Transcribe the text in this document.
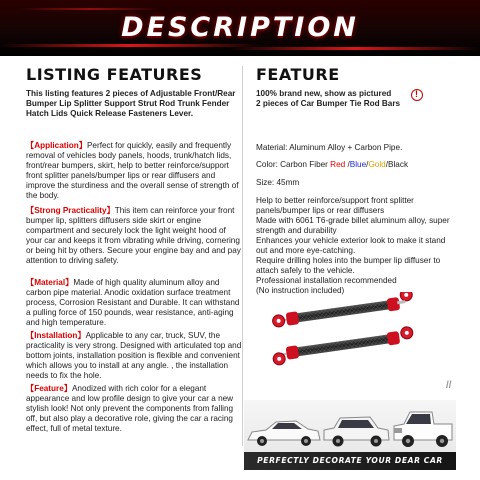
DESCRIPTION
LISTING FEATURES
This listing features 2 pieces of Adjustable Front/Rear Bumper Lip Splitter Support Strut Rod Trunk Fender Hatch Lids Quick Release Fasteners Lever.
【Application】Perfect for quickly, easily and frequently removal of vehicles body panels, hoods, trunk/hatch lids, front/rear bumpers, skirt, help to better reinforce/support front splitter panels/bumper lips or rear diffusers and improve the sturdiness and the overall sense of strength of the body.
【Strong Practicality】This item can reinforce your front bumper lip, splitters diffusers side skirt or engine compartment and securely lock the light weight hood of your car and keeps it from vibrating while driving, cornering or being hit by others. Secure your engine bay and and pay attention to driving safety.
【Material】Made of high quality aluminum alloy and carbon pipe material. Anodic oxidation surface treatment process, Corrosion Resistant and Durable. It can withstand a pulling force of 150 pounds, wear resistance, anti-aging and high temperature.
【Installation】Applicable to any car, truck, SUV, the practicality is very strong. Designed with articulated top and bottom joints, installation position is flexible and convenient which allows you to install at any angle. , the installation needs to fix the hole.
【Feature】Anodized with rich color for a elegant appearance and low profile design to give your car a new stylish look! Not only prevent the components from falling off, but also play a decorative role, giving the car a racing effect, full of metal texture.
FEATURE
100% brand new, show as pictured
2 pieces of Car Bumper Tie Rod Bars
!
Material: Aluminum Alloy + Carbon Pipe.
Color: Carbon Fiber Red /Blue/Gold/Black
Size: 45mm
Help to better reinforce/support front splitter panels/bumper lips or rear diffusers
Made with 6061 T6-grade billet aluminum alloy, super strength and durability
Enhances your vehicle exterior look to make it stand out and more eye-catching.
Require drilling holes into the bumper lip diffuser to attach safely to the vehicle.
Professional installation recommended
(No instruction included)
//
PERFECTLY DECORATE YOUR DEAR CAR
